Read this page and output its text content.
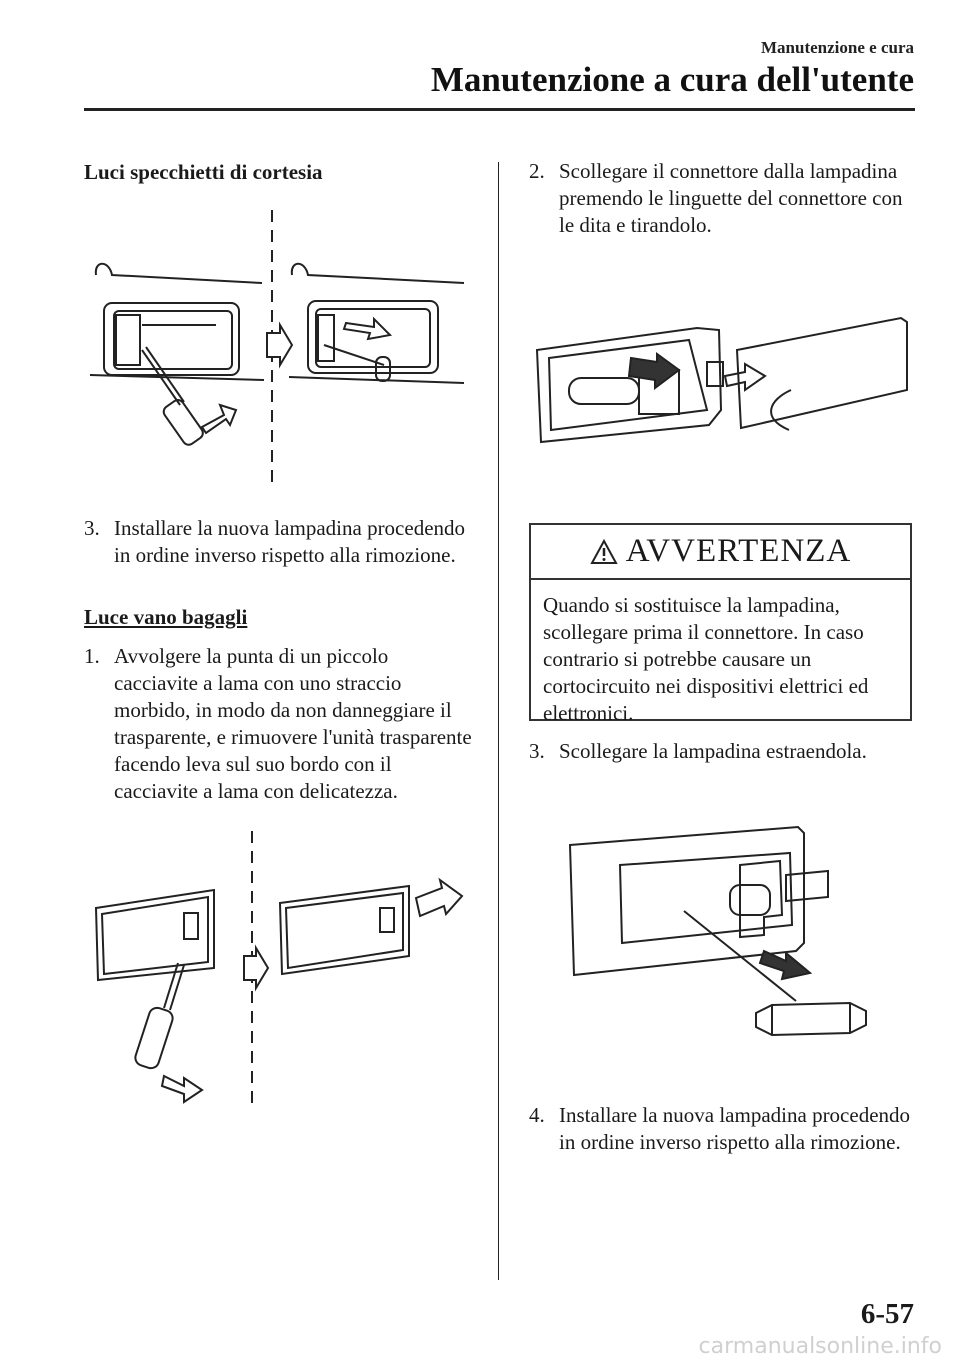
Manutenzione e cura
Manutenzione a cura dell'utente
Luci specchietti di cortesia
3. Installare la nuova lampadina procedendo in ordine inverso rispetto alla rimozione.
Luce vano bagagli
1. Avvolgere la punta di un piccolo cacciavite a lama con uno straccio morbido, in modo da non danneggiare il trasparente, e rimuovere l'unità trasparente facendo leva sul suo bordo con il cacciavite a lama con delicatezza.
2. Scollegare il connettore dalla lampadina premendo le linguette del connettore con le dita e tirandolo.
AVVERTENZA
Quando si sostituisce la lampadina, scollegare prima il connettore. In caso contrario si potrebbe causare un cortocircuito nei dispositivi elettrici ed elettronici.
3. Scollegare la lampadina estraendola.
4. Installare la nuova lampadina procedendo in ordine inverso rispetto alla rimozione.
6-57
carmanualsonline.info
